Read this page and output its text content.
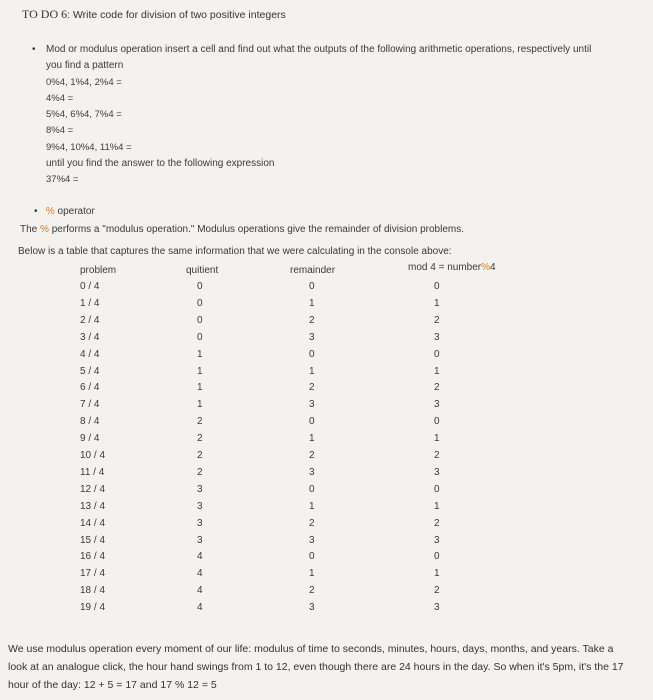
TO DO 6: Write code for division of two positive integers
• Mod or modulus operation insert a cell and find out what the outputs of the following arithmetic operations, respectively until
you find a pattern
0%4, 1%4, 2%4 =
4%4 =
5%4, 6%4, 7%4 =
8%4 =
9%4, 10%4, 11%4 =
until you find the answer to the following expression
37%4 =
• % operator
The % performs a "modulus operation." Modulus operations give the remainder of division problems.
Below is a table that captures the same information that we were calculating in the console above:
problem	quitient	remainder	mod 4 = number%4
0 / 4	0	0	0
1 / 4	0	1	1
2 / 4	0	2	2
3 / 4	0	3	3
4 / 4	1	0	0
5 / 4	1	1	1
6 / 4	1	2	2
7 / 4	1	3	3
8 / 4	2	0	0
9 / 4	2	1	1
10 / 4	2	2	2
11 / 4	2	3	3
12 / 4	3	0	0
13 / 4	3	1	1
14 / 4	3	2	2
15 / 4	3	3	3
16 / 4	4	0	0
17 / 4	4	1	1
18 / 4	4	2	2
19 / 4	4	3	3
We use modulus operation every moment of our life: modulus of time to seconds, minutes, hours, days, months, and years. Take a
look at an analogue click, the hour hand swings from 1 to 12, even though there are 24 hours in the day. So when it's 5pm, it's the 17
hour of the day: 12 + 5 = 17 and 17 % 12 = 5
